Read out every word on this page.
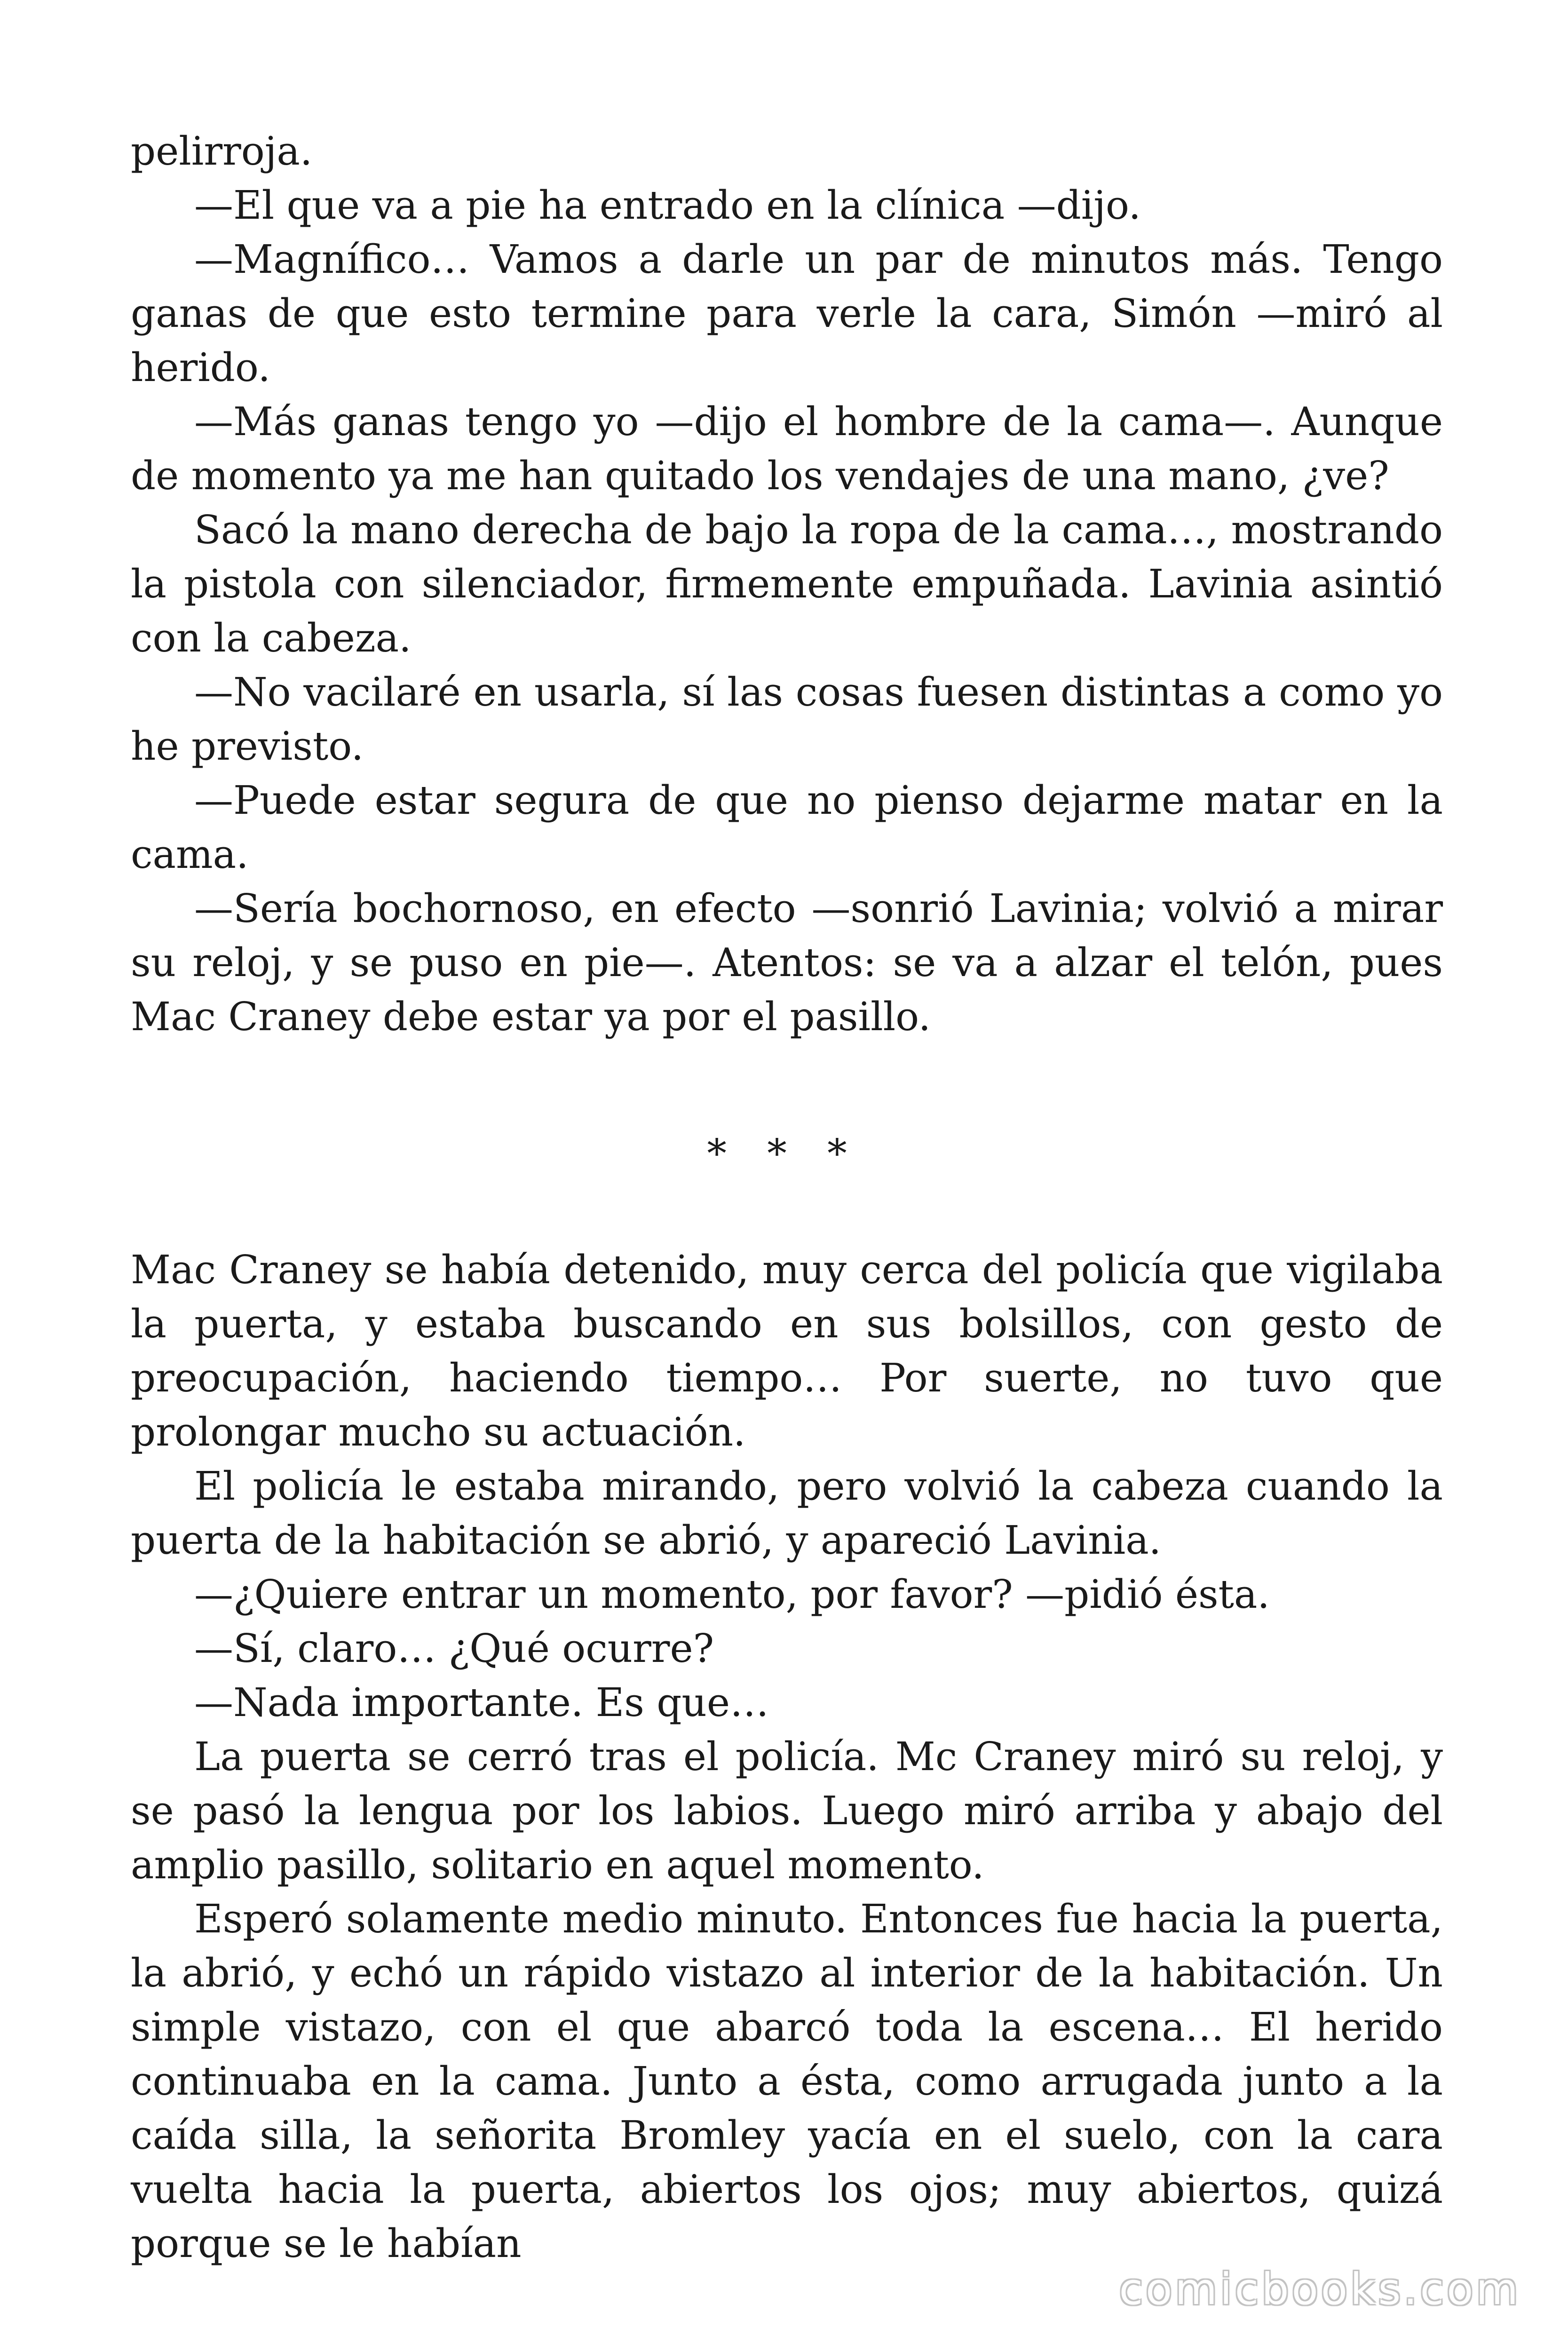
pelirroja.

—El que va a pie ha entrado en la clínica —dijo.

—Magnífico… Vamos a darle un par de minutos más. Tengo ganas de que esto termine para verle la cara, Simón —miró al herido.

—Más ganas tengo yo —dijo el hombre de la cama—. Aunque de momento ya me han quitado los vendajes de una mano, ¿ve?

Sacó la mano derecha de bajo la ropa de la cama…, mostrando la pistola con silenciador, firmemente empuñada. Lavinia asintió con la cabeza.

—No vacilaré en usarla, sí las cosas fuesen distintas a como yo he previsto.

—Puede estar segura de que no pienso dejarme matar en la cama.

—Sería bochornoso, en efecto —sonrió Lavinia; volvió a mirar su reloj, y se puso en pie—. Atentos: se va a alzar el telón, pues Mac Craney debe estar ya por el pasillo.

* * *

Mac Craney se había detenido, muy cerca del policía que vigilaba la puerta, y estaba buscando en sus bolsillos, con gesto de preocupación, haciendo tiempo… Por suerte, no tuvo que prolongar mucho su actuación.

El policía le estaba mirando, pero volvió la cabeza cuando la puerta de la habitación se abrió, y apareció Lavinia.

—¿Quiere entrar un momento, por favor? —pidió ésta.

—Sí, claro… ¿Qué ocurre?

—Nada importante. Es que…

La puerta se cerró tras el policía. Mc Craney miró su reloj, y se pasó la lengua por los labios. Luego miró arriba y abajo del amplio pasillo, solitario en aquel momento.

Esperó solamente medio minuto. Entonces fue hacia la puerta, la abrió, y echó un rápido vistazo al interior de la habitación. Un simple vistazo, con el que abarcó toda la escena… El herido continuaba en la cama. Junto a ésta, como arrugada junto a la caída silla, la señorita Bromley yacía en el suelo, con la cara vuelta hacia la puerta, abiertos los ojos; muy abiertos, quizá porque se le habían

comicbooks.com
